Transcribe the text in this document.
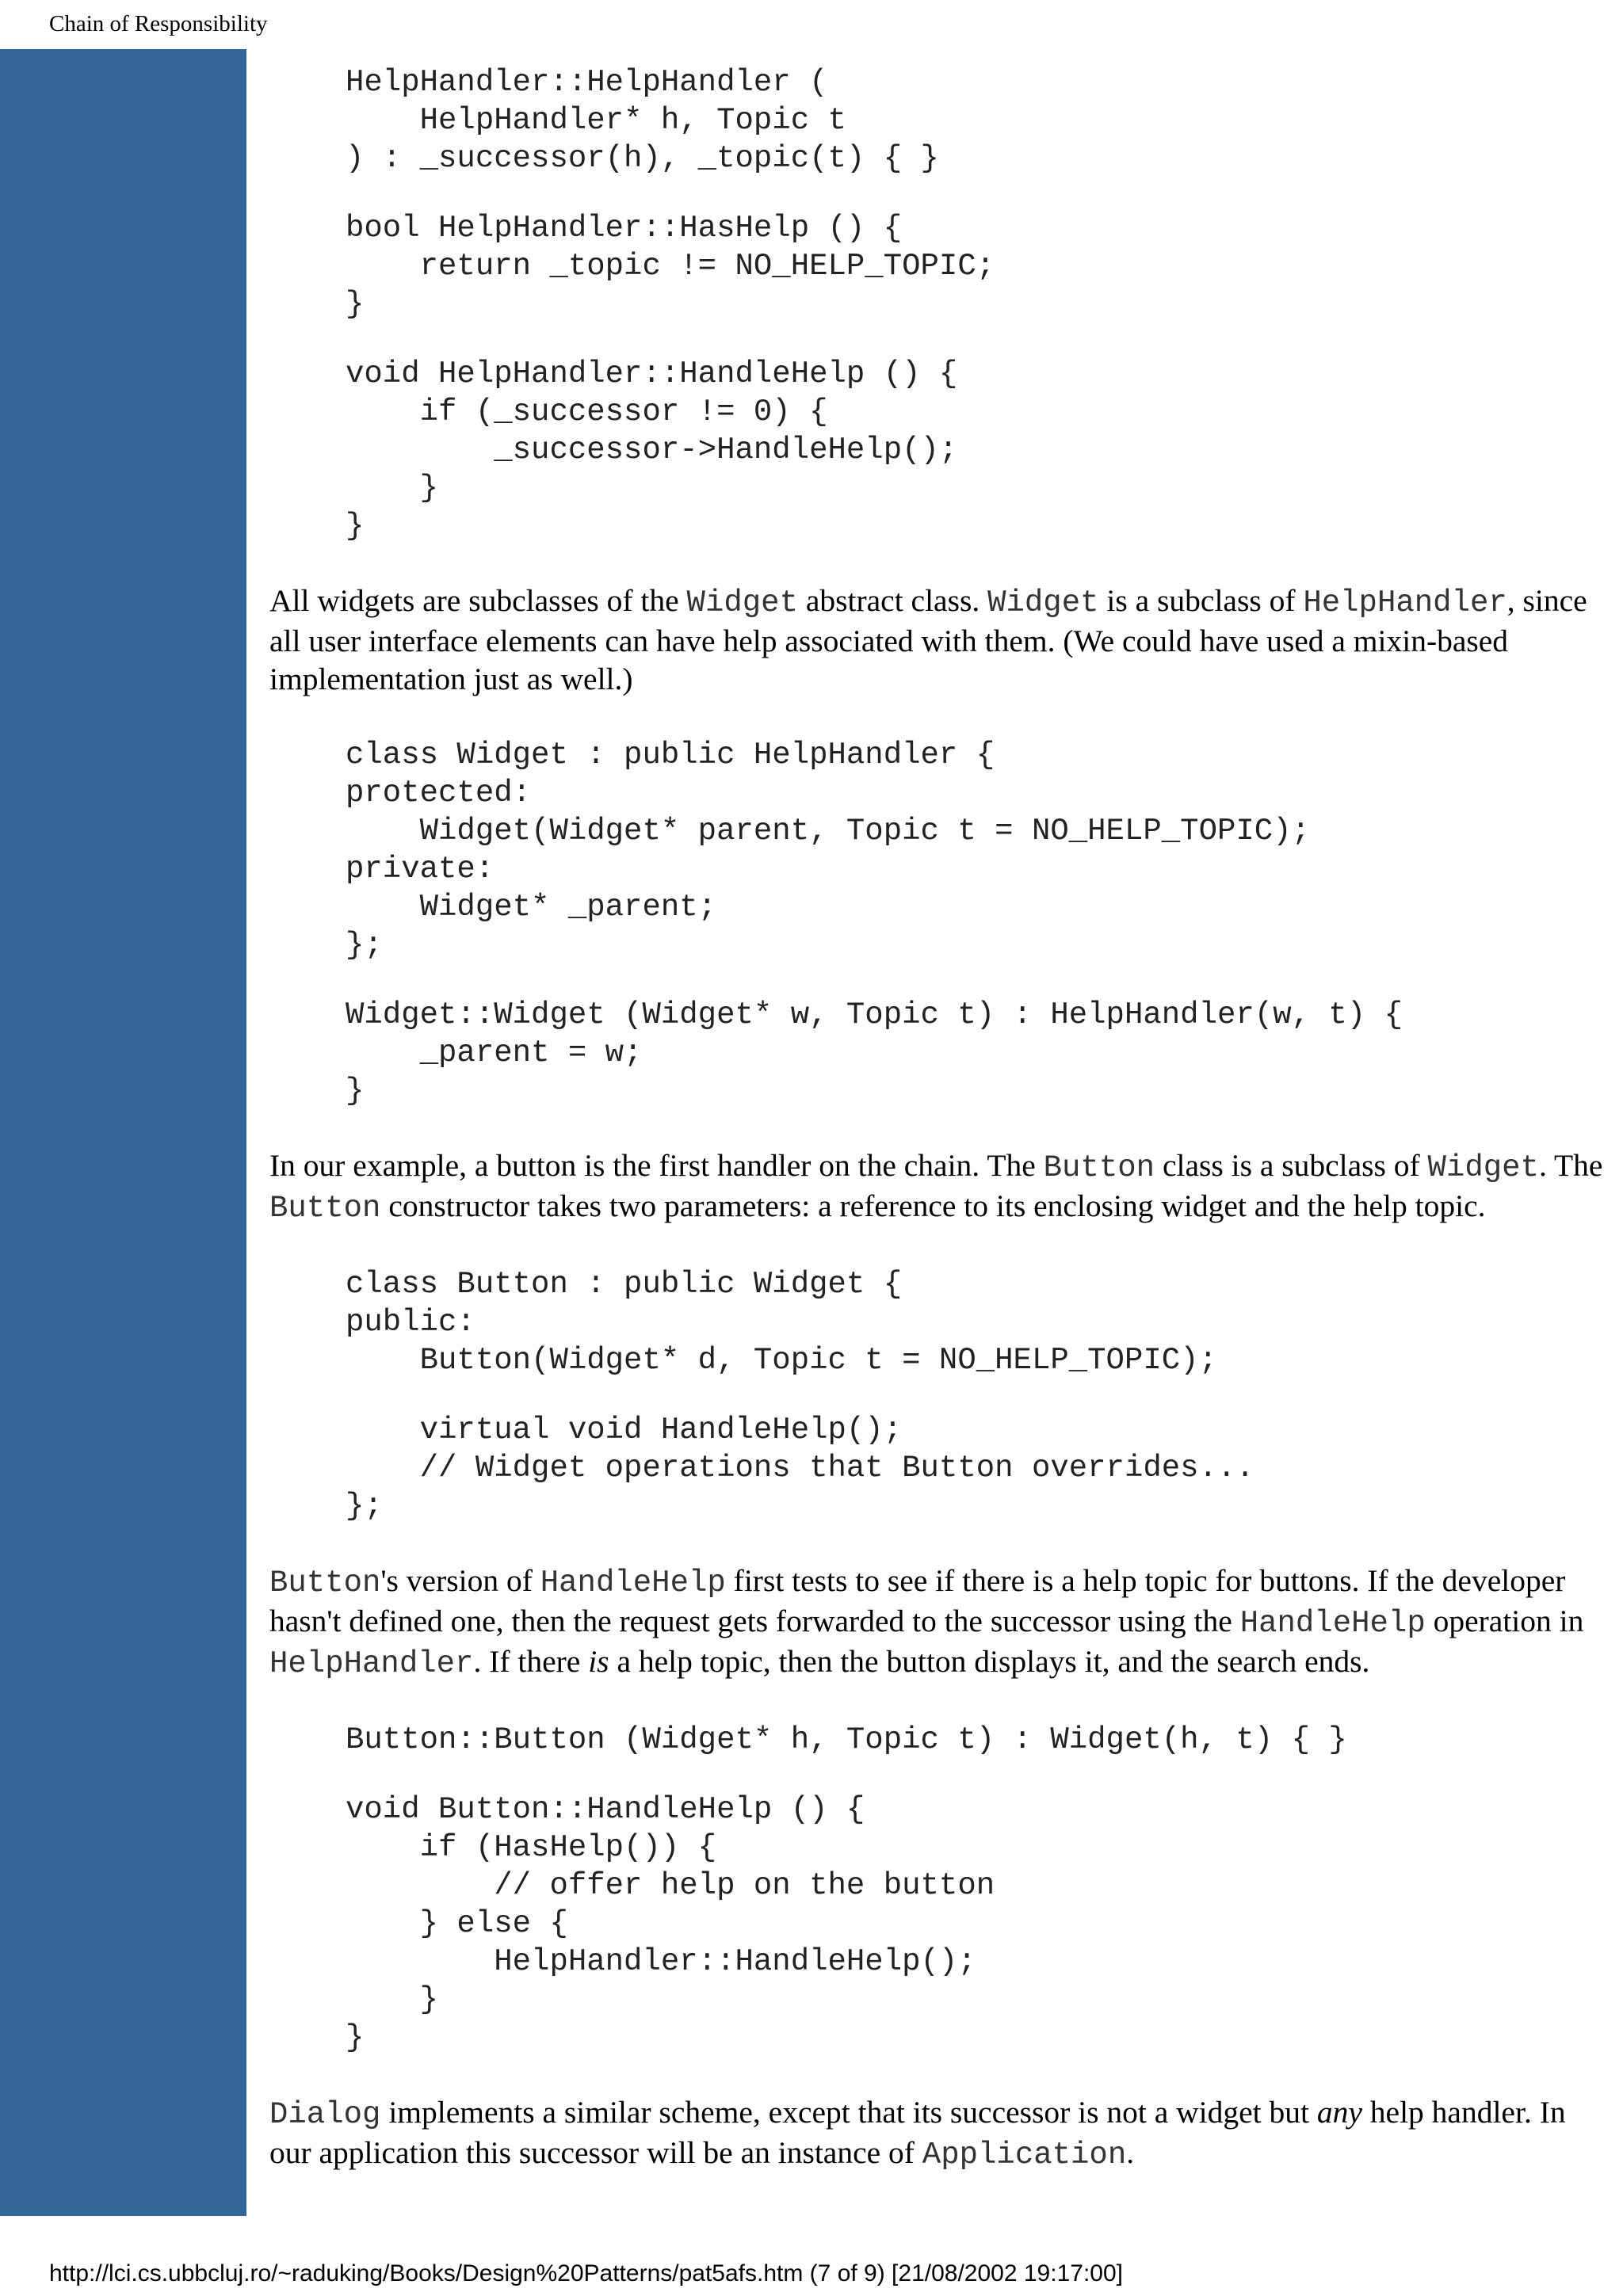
Chain of Responsibility
HelpHandler::HelpHandler (
HelpHandler* h, Topic t
) : _successor(h), _topic(t) { }
bool HelpHandler::HasHelp () {
return _topic != NO_HELP_TOPIC;
}
void HelpHandler::HandleHelp () {
if (_successor != 0) {
_successor->HandleHelp();
}
}

All widgets are subclasses of the Widget abstract class. Widget is a subclass of HelpHandler, since all user interface elements can have help associated with them. (We could have used a mixin-based implementation just as well.)

class Widget : public HelpHandler {
protected:
Widget(Widget* parent, Topic t = NO_HELP_TOPIC);
private:
Widget* _parent;
};
Widget::Widget (Widget* w, Topic t) : HelpHandler(w, t) {
_parent = w;
}

In our example, a button is the first handler on the chain. The Button class is a subclass of Widget. The Button constructor takes two parameters: a reference to its enclosing widget and the help topic.

class Button : public Widget {
public:
Button(Widget* d, Topic t = NO_HELP_TOPIC);
virtual void HandleHelp();
// Widget operations that Button overrides...
};

Button's version of HandleHelp first tests to see if there is a help topic for buttons. If the developer hasn't defined one, then the request gets forwarded to the successor using the HandleHelp operation in HelpHandler. If there is a help topic, then the button displays it, and the search ends.

Button::Button (Widget* h, Topic t) : Widget(h, t) { }
void Button::HandleHelp () {
if (HasHelp()) {
// offer help on the button
} else {
HelpHandler::HandleHelp();
}
}

Dialog implements a similar scheme, except that its successor is not a widget but any help handler. In our application this successor will be an instance of Application.

http://lci.cs.ubbcluj.ro/~raduking/Books/Design%20Patterns/pat5afs.htm (7 of 9) [21/08/2002 19:17:00]
